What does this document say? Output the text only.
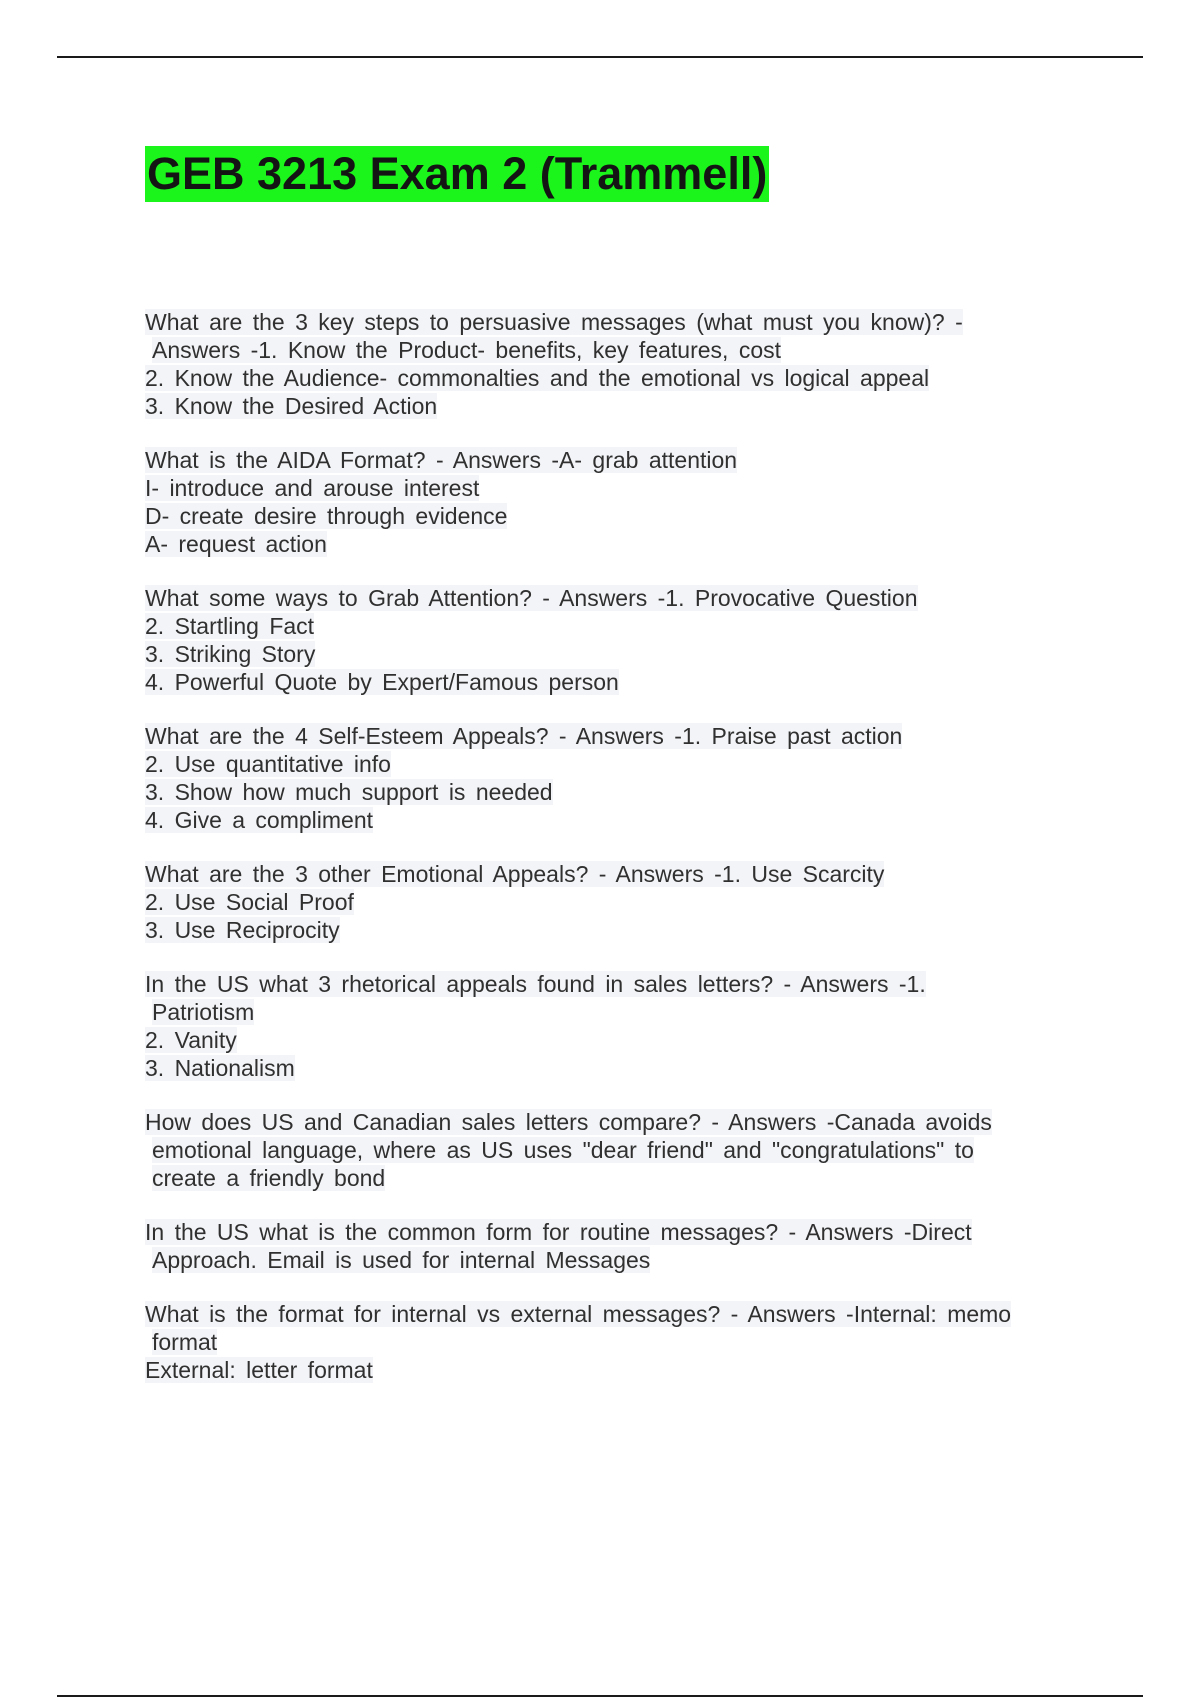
GEB 3213 Exam 2 (Trammell)
What are the 3 key steps to persuasive messages (what must you know)? -
Answers -1. Know the Product- benefits, key features, cost
2. Know the Audience- commonalties and the emotional vs logical appeal
3. Know the Desired Action
What is the AIDA Format? - Answers -A- grab attention
I- introduce and arouse interest
D- create desire through evidence
A- request action
What some ways to Grab Attention? - Answers -1. Provocative Question
2. Startling Fact
3. Striking Story
4. Powerful Quote by Expert/Famous person
What are the 4 Self-Esteem Appeals? - Answers -1. Praise past action
2. Use quantitative info
3. Show how much support is needed
4. Give a compliment
What are the 3 other Emotional Appeals? - Answers -1. Use Scarcity
2. Use Social Proof
3. Use Reciprocity
In the US what 3 rhetorical appeals found in sales letters? - Answers -1.
Patriotism
2. Vanity
3. Nationalism
How does US and Canadian sales letters compare? - Answers -Canada avoids
emotional language, where as US uses "dear friend" and "congratulations" to
create a friendly bond
In the US what is the common form for routine messages? - Answers -Direct
Approach. Email is used for internal Messages
What is the format for internal vs external messages? - Answers -Internal: memo
format
External: letter format
